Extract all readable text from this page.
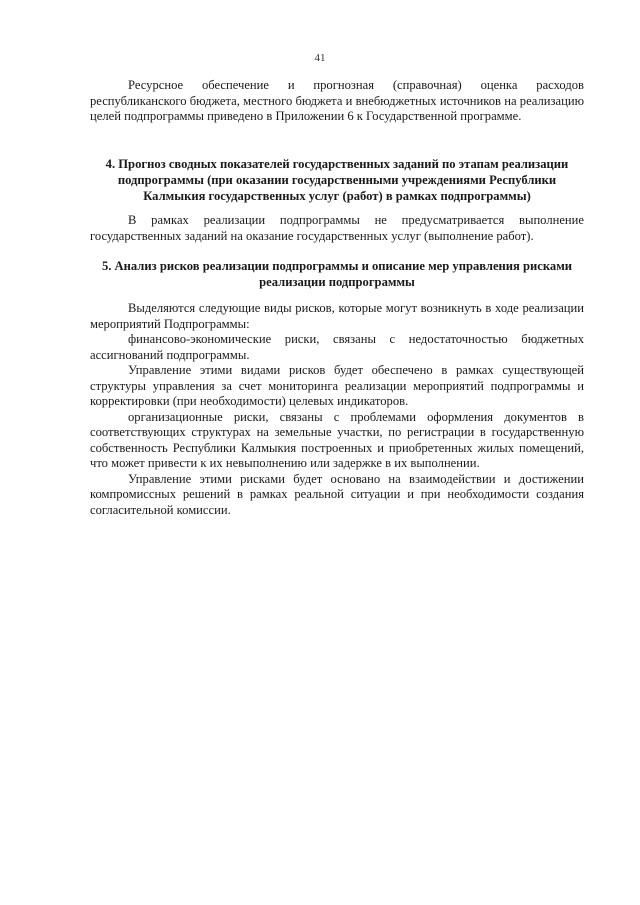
41

Ресурсное обеспечение и прогнозная (справочная) оценка расходов республиканского бюджета, местного бюджета и внебюджетных источников на реализацию целей подпрограммы приведено в Приложении 6 к Государственной программе.

4. Прогноз сводных показателей государственных заданий по этапам реализации подпрограммы (при оказании государственными учреждениями Республики Калмыкия государственных услуг (работ) в рамках подпрограммы)

В рамках реализации подпрограммы не предусматривается выполнение государственных заданий на оказание государственных услуг (выполнение работ).

5. Анализ рисков реализации подпрограммы и описание мер управления рисками реализации подпрограммы

Выделяются следующие виды рисков, которые могут возникнуть в ходе реализации мероприятий Подпрограммы:

финансово-экономические риски, связаны с недостаточностью бюджетных ассигнований подпрограммы.

Управление этими видами рисков будет обеспечено в рамках существующей структуры управления за счет мониторинга реализации мероприятий подпрограммы и корректировки (при необходимости) целевых индикаторов.

организационные риски, связаны с проблемами оформления документов в соответствующих структурах на земельные участки, по регистрации в государственную собственность Республики Калмыкия построенных и приобретенных жилых помещений, что может привести к их невыполнению или задержке в их выполнении.

Управление этими рисками будет основано на взаимодействии и достижении компромиссных решений в рамках реальной ситуации и при необходимости создания согласительной комиссии.
